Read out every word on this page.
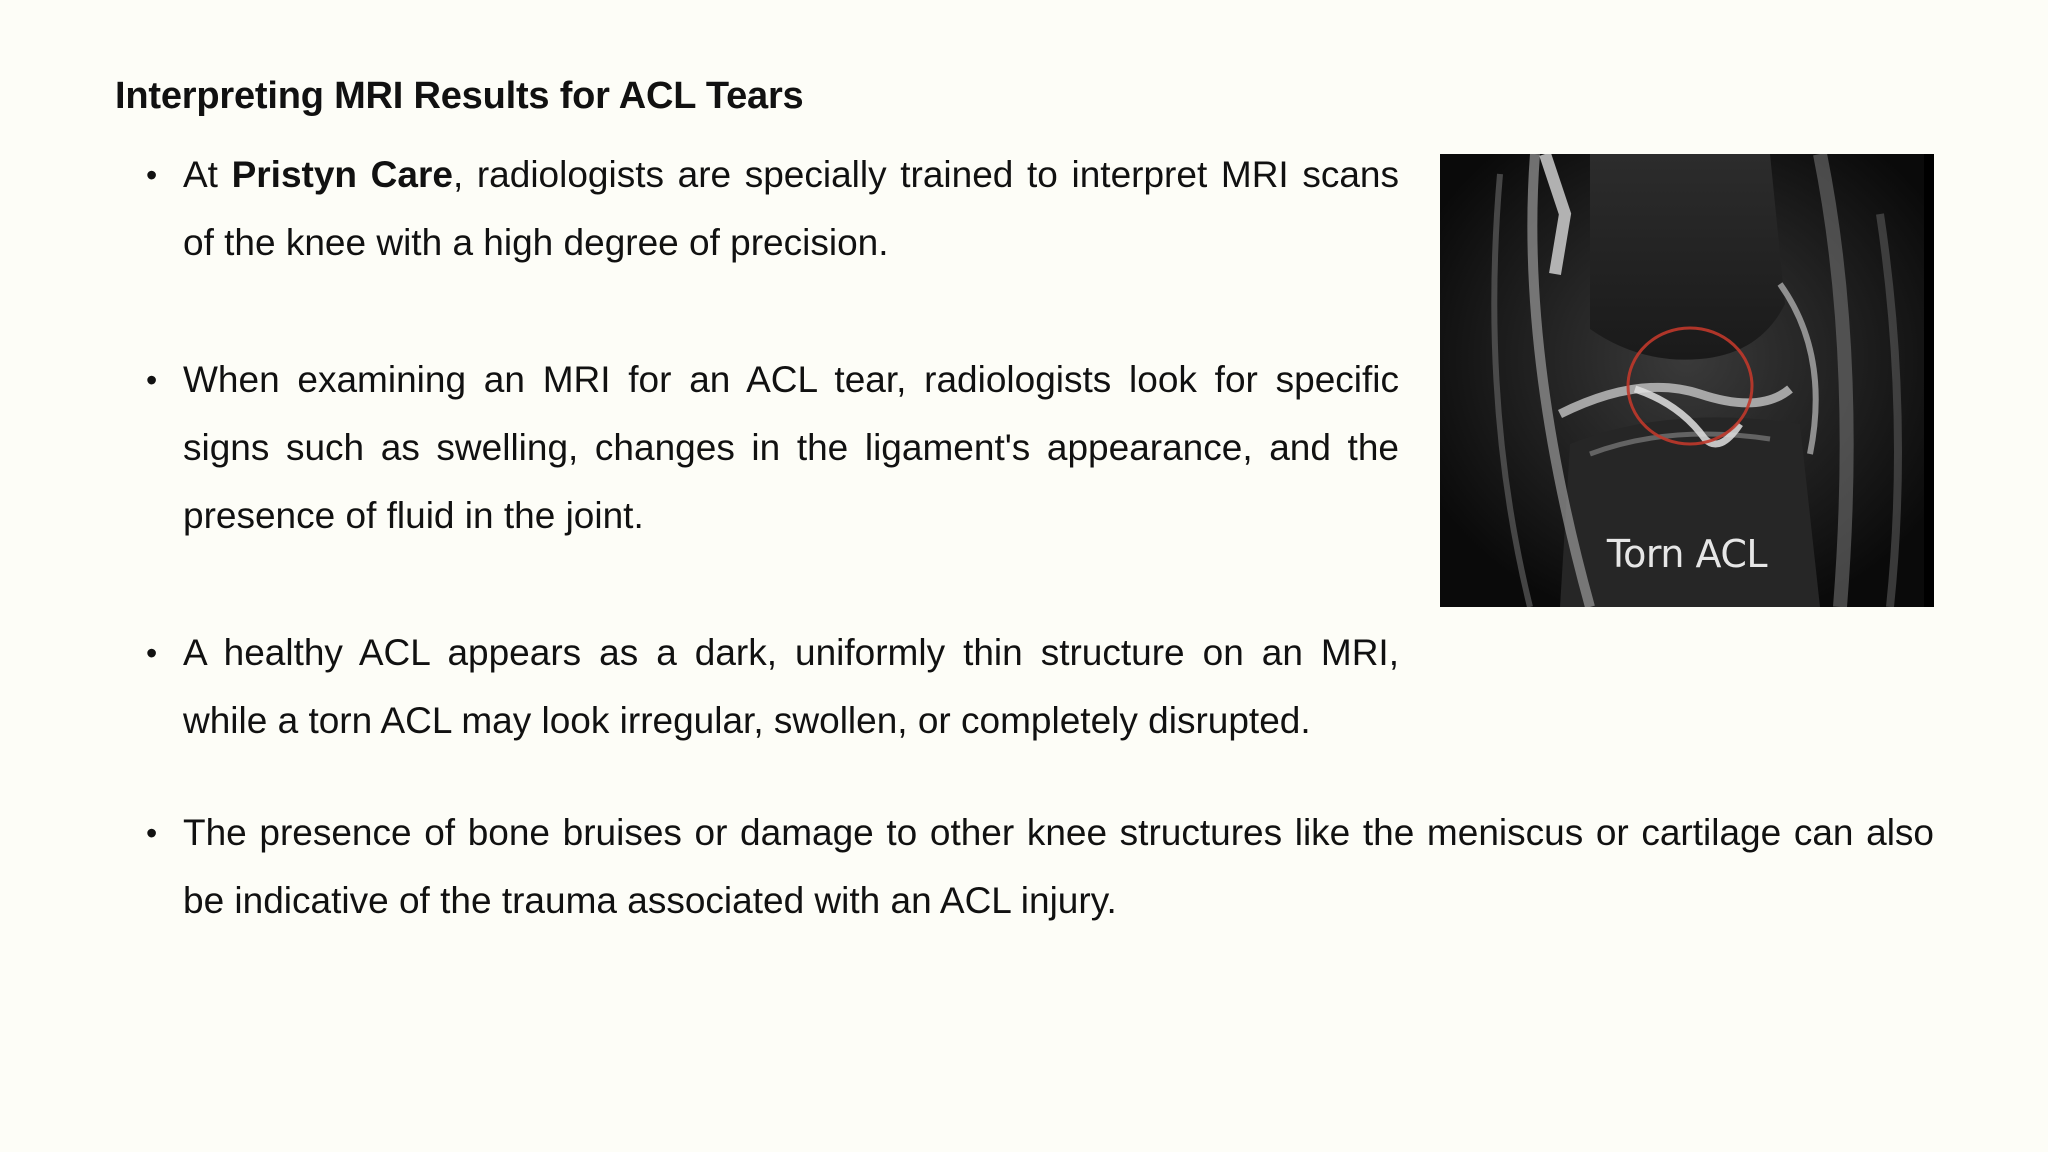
Interpreting MRI Results for ACL Tears
• At Pristyn Care, radiologists are specially trained to interpret MRI scans of the knee with a high degree of precision.
• When examining an MRI for an ACL tear, radiologists look for specific signs such as swelling, changes in the ligament's appearance, and the presence of fluid in the joint.
• A healthy ACL appears as a dark, uniformly thin structure on an MRI, while a torn ACL may look irregular, swollen, or completely disrupted.
• The presence of bone bruises or damage to other knee structures like the meniscus or cartilage can also be indicative of the trauma associated with an ACL injury.
Torn ACL
